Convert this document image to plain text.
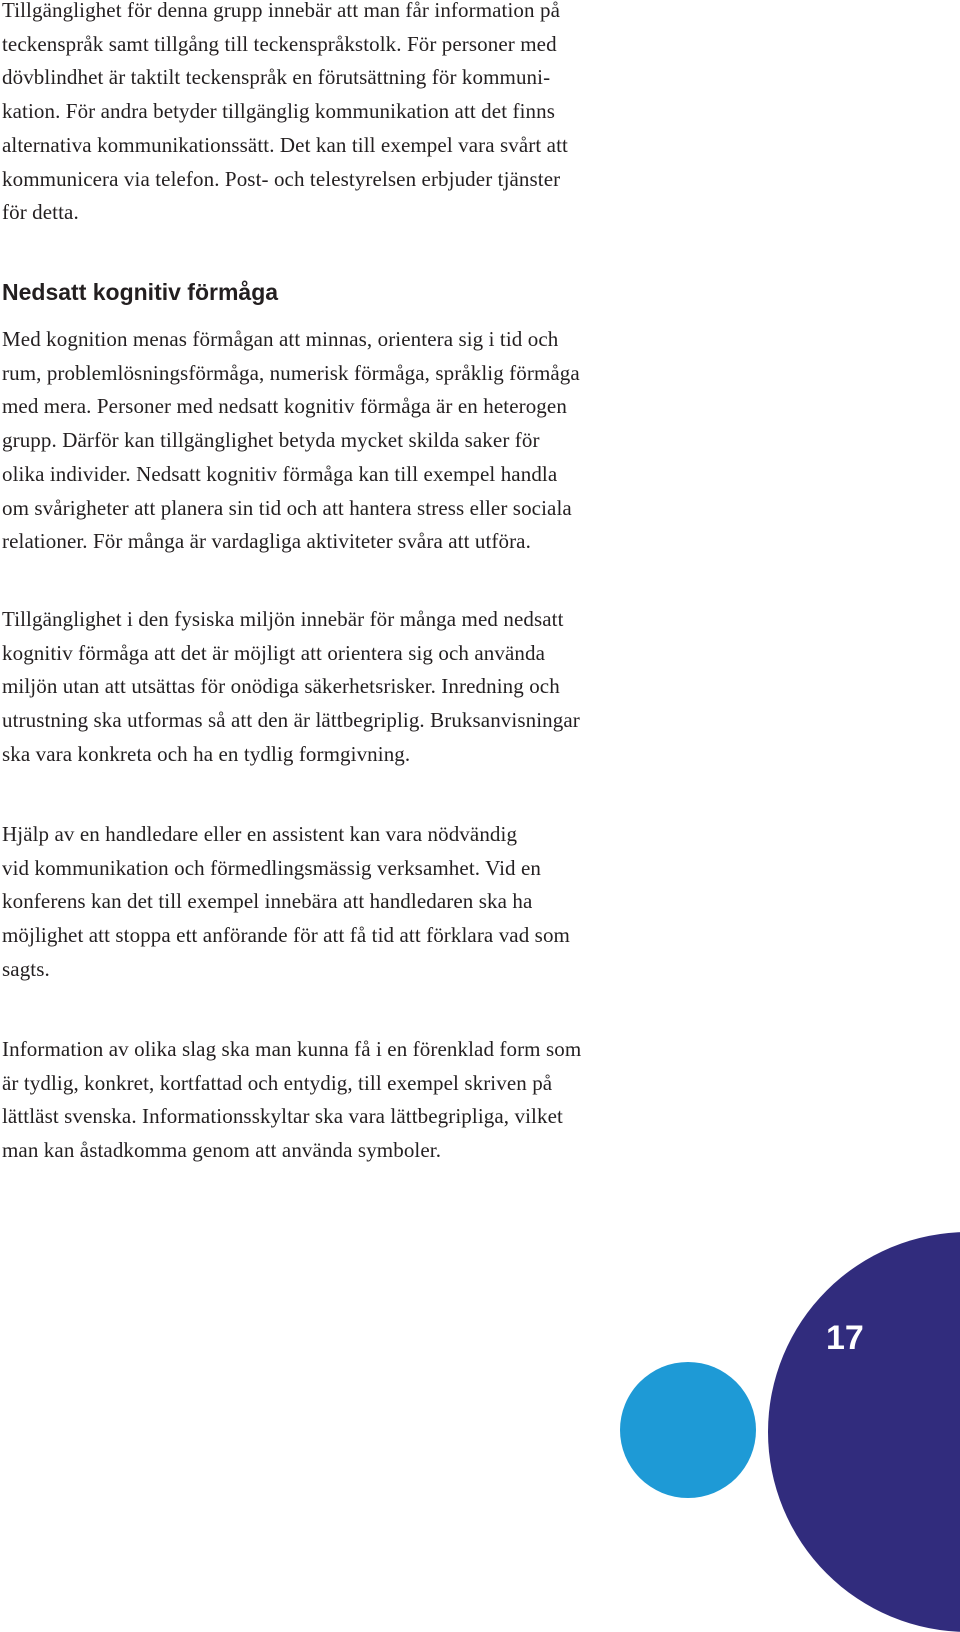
Tillgänglighet för denna grupp innebär att man får information på
teckenspråk samt tillgång till teckenspråkstolk. För personer med
dövblindhet är taktilt teckenspråk en förutsättning för kommuni-
kation. För andra betyder tillgänglig kommunikation att det finns
alternativa kommunikationssätt. Det kan till exempel vara svårt att
kommunicera via telefon. Post- och telestyrelsen erbjuder tjänster
för detta.

Nedsatt kognitiv förmåga

Med kognition menas förmågan att minnas, orientera sig i tid och
rum, problemlösningsförmåga, numerisk förmåga, språklig förmåga
med mera. Personer med nedsatt kognitiv förmåga är en heterogen
grupp. Därför kan tillgänglighet betyda mycket skilda saker för
olika individer. Nedsatt kognitiv förmåga kan till exempel handla
om svårigheter att planera sin tid och att hantera stress eller sociala
relationer. För många är vardagliga aktiviteter svåra att utföra.

Tillgänglighet i den fysiska miljön innebär för många med nedsatt
kognitiv förmåga att det är möjligt att orientera sig och använda
miljön utan att utsättas för onödiga säkerhetsrisker. Inredning och
utrustning ska utformas så att den är lättbegriplig. Bruksanvisningar
ska vara konkreta och ha en tydlig formgivning.

Hjälp av en handledare eller en assistent kan vara nödvändig
vid kommunikation och förmedlingsmässig verksamhet. Vid en
konferens kan det till exempel innebära att handledaren ska ha
möjlighet att stoppa ett anförande för att få tid att förklara vad som
sagts.

Information av olika slag ska man kunna få i en förenklad form som
är tydlig, konkret, kortfattad och entydig, till exempel skriven på
lättläst svenska. Informationsskyltar ska vara lättbegripliga, vilket
man kan åstadkomma genom att använda symboler.

17
